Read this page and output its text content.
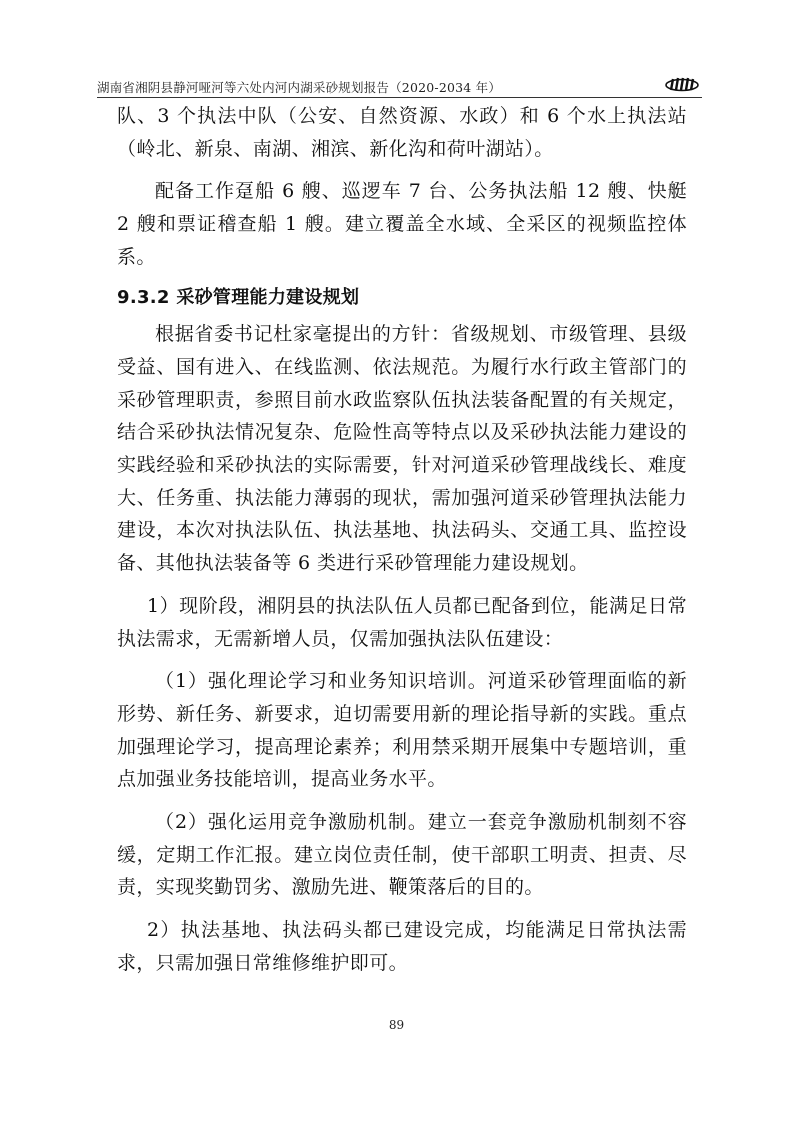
湖南省湘阴县静河哑河等六处内河内湖采砂规划报告（2020-2034 年）

队、3 个执法中队（公安、自然资源、水政）和 6 个水上执法站（岭北、新泉、南湖、湘滨、新化沟和荷叶湖站）。

配备工作趸船 6 艘、巡逻车 7 台、公务执法船 12 艘、快艇 2 艘和票证稽查船 1 艘。建立覆盖全水域、全采区的视频监控体系。

9.3.2 采砂管理能力建设规划

根据省委书记杜家毫提出的方针：省级规划、市级管理、县级受益、国有进入、在线监测、依法规范。为履行水行政主管部门的采砂管理职责，参照目前水政监察队伍执法装备配置的有关规定，结合采砂执法情况复杂、危险性高等特点以及采砂执法能力建设的实践经验和采砂执法的实际需要，针对河道采砂管理战线长、难度大、任务重、执法能力薄弱的现状，需加强河道采砂管理执法能力建设，本次对执法队伍、执法基地、执法码头、交通工具、监控设备、其他执法装备等 6 类进行采砂管理能力建设规划。

1）现阶段，湘阴县的执法队伍人员都已配备到位，能满足日常执法需求，无需新增人员，仅需加强执法队伍建设：

（1）强化理论学习和业务知识培训。河道采砂管理面临的新形势、新任务、新要求，迫切需要用新的理论指导新的实践。重点加强理论学习，提高理论素养；利用禁采期开展集中专题培训，重点加强业务技能培训，提高业务水平。

（2）强化运用竞争激励机制。建立一套竞争激励机制刻不容缓，定期工作汇报。建立岗位责任制，使干部职工明责、担责、尽责，实现奖勤罚劣、激励先进、鞭策落后的目的。

2）执法基地、执法码头都已建设完成，均能满足日常执法需求，只需加强日常维修维护即可。

89
